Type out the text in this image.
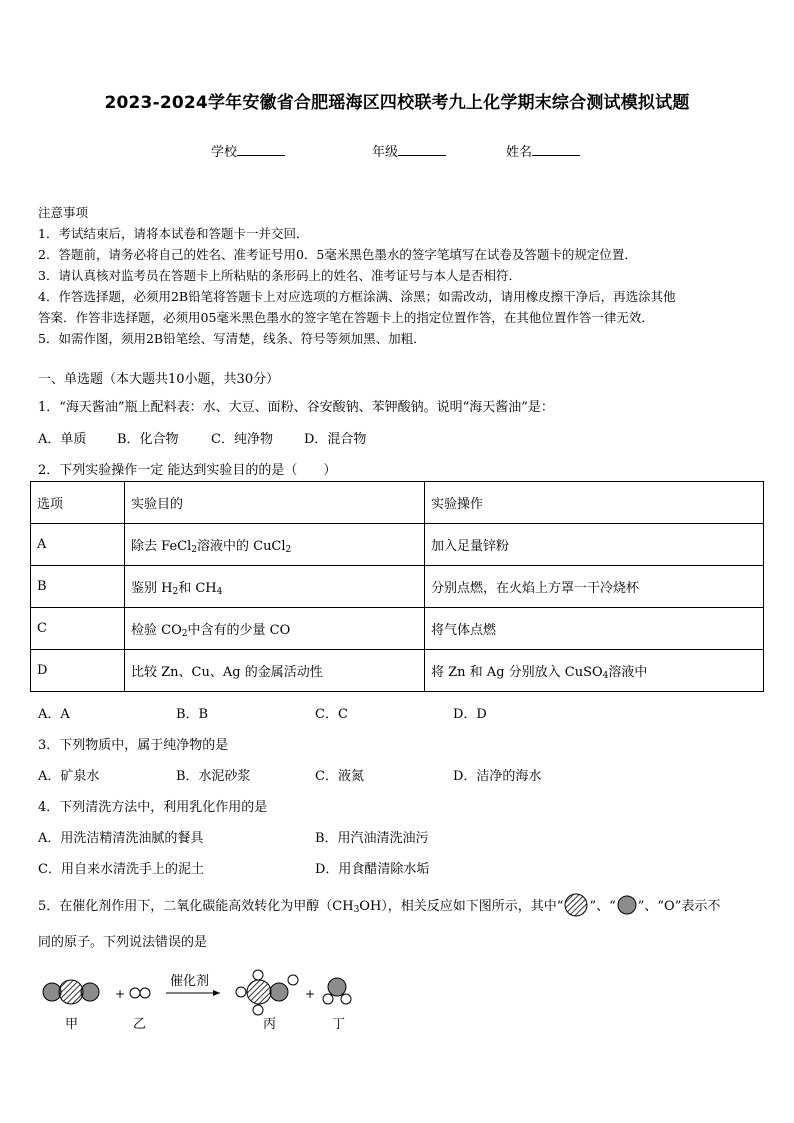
2023-2024学年安徽省合肥瑶海区四校联考九上化学期末综合测试模拟试题
学校	年级	姓名
注意事项
1．考试结束后，请将本试卷和答题卡一并交回．
2．答题前，请务必将自己的姓名、准考证号用0．5毫米黑色墨水的签字笔填写在试卷及答题卡的规定位置．
3．请认真核对监考员在答题卡上所粘贴的条形码上的姓名、准考证号与本人是否相符．
4．作答选择题，必须用2B铅笔将答题卡上对应选项的方框涂满、涂黑；如需改动，请用橡皮擦干净后，再选涂其他
答案．作答非选择题，必须用05毫米黑色墨水的签字笔在答题卡上的指定位置作答，在其他位置作答一律无效．
5．如需作图，须用2B铅笔绘、写清楚，线条、符号等须加黑、加粗．
一、单选题（本大题共10小题，共30分）
1．“海天酱油”瓶上配料表：水、大豆、面粉、谷安酸钠、苯钾酸钠。说明“海天酱油”是：
A．单质 B．化合物 C．纯净物 D．混合物
2．下列实验操作一定 能达到实验目的的是（　　）
选项	实验目的	实验操作
A	除去 FeCl$_2$溶液中的 CuCl$_2$	加入足量锌粉
B	鉴别 $H_2$和 $CH_4$	分别点燃，在火焰上方罩一干冷烧杯
C	检验 $CO_2$中含有的少量 CO	将气体点燃
D	比较 Zn、Cu、Ag 的金属活动性	将 Zn 和 Ag 分别放入 CuSO$_4$溶液中
A．A	B．B	C．C	D．D
3．下列物质中，属于纯净物的是
A．矿泉水	B．水泥砂浆	C．液氮	D．洁净的海水
4．下列清洗方法中，利用乳化作用的是
A．用洗洁精清洗油腻的餐具	B．用汽油清洗油污
C．用自来水清洗手上的泥土	D．用食醋清除水垢
5．在催化剂作用下，二氧化碳能高效转化为甲醇$(CH_3OH)$，相关反应如下图所示，其中“ ”、“ ”、“O”表示不
同的原子。下列说法错误的是
+
催化剂
+
甲	乙	丙	丁
